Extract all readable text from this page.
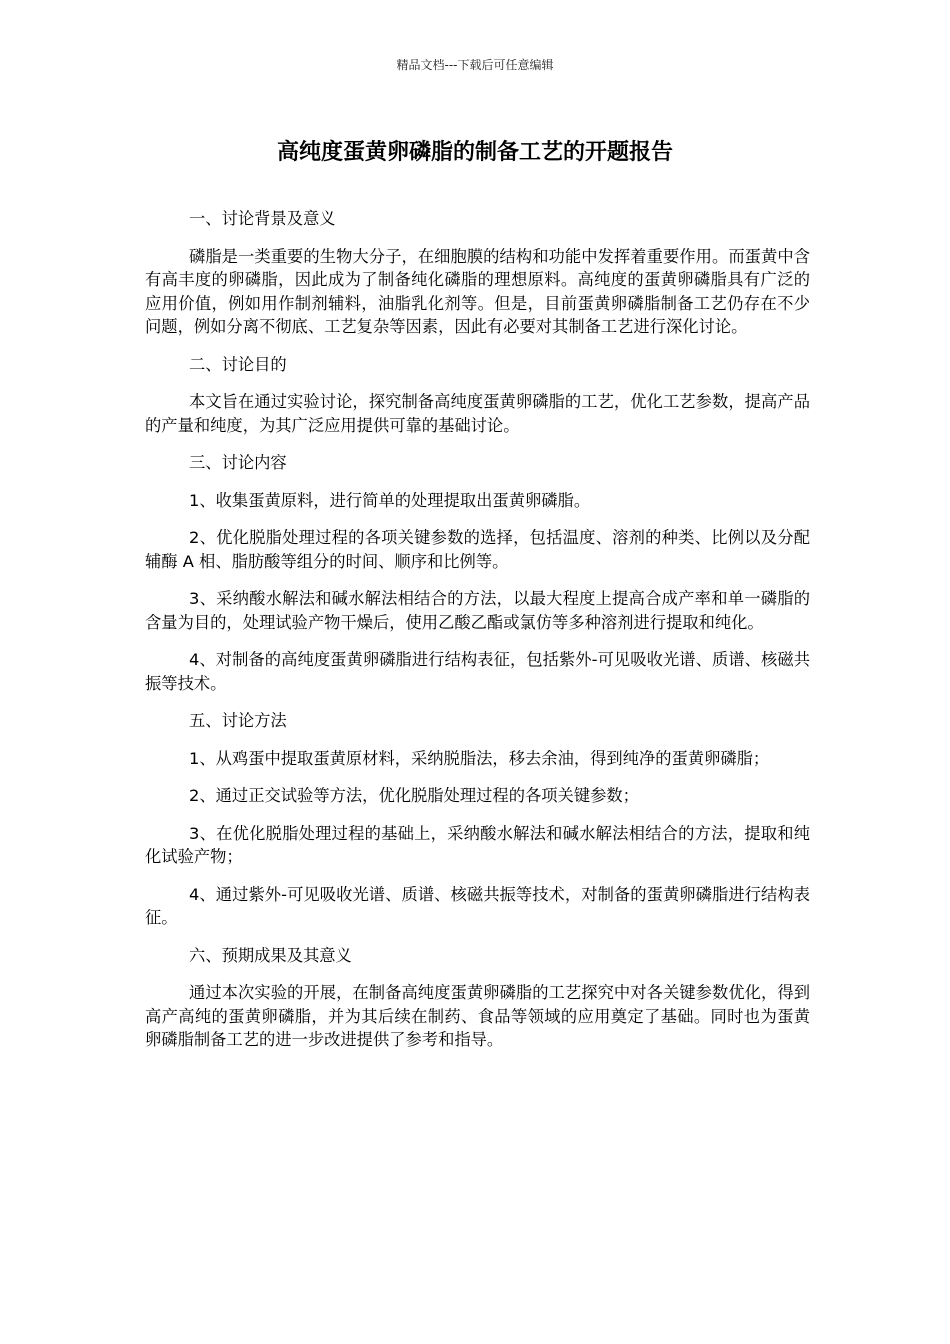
精品文档---下载后可任意编辑
高纯度蛋黄卵磷脂的制备工艺的开题报告

一、讨论背景及意义

磷脂是一类重要的生物大分子，在细胞膜的结构和功能中发挥着重要作用。而蛋黄中含有高丰度的卵磷脂，因此成为了制备纯化磷脂的理想原料。高纯度的蛋黄卵磷脂具有广泛的应用价值，例如用作制剂辅料，油脂乳化剂等。但是，目前蛋黄卵磷脂制备工艺仍存在不少问题，例如分离不彻底、工艺复杂等因素，因此有必要对其制备工艺进行深化讨论。

二、讨论目的

本文旨在通过实验讨论，探究制备高纯度蛋黄卵磷脂的工艺，优化工艺参数，提高产品的产量和纯度，为其广泛应用提供可靠的基础讨论。

三、讨论内容

1、收集蛋黄原料，进行简单的处理提取出蛋黄卵磷脂。

2、优化脱脂处理过程的各项关键参数的选择，包括温度、溶剂的种类、比例以及分配辅酶 A 相、脂肪酸等组分的时间、顺序和比例等。

3、采纳酸水解法和碱水解法相结合的方法，以最大程度上提高合成产率和单一磷脂的含量为目的，处理试验产物干燥后，使用乙酸乙酯或氯仿等多种溶剂进行提取和纯化。

4、对制备的高纯度蛋黄卵磷脂进行结构表征，包括紫外-可见吸收光谱、质谱、核磁共振等技术。

五、讨论方法

1、从鸡蛋中提取蛋黄原材料，采纳脱脂法，移去余油，得到纯净的蛋黄卵磷脂；

2、通过正交试验等方法，优化脱脂处理过程的各项关键参数；

3、在优化脱脂处理过程的基础上，采纳酸水解法和碱水解法相结合的方法，提取和纯化试验产物；

4、通过紫外-可见吸收光谱、质谱、核磁共振等技术，对制备的蛋黄卵磷脂进行结构表征。

六、预期成果及其意义

通过本次实验的开展，在制备高纯度蛋黄卵磷脂的工艺探究中对各关键参数优化，得到高产高纯的蛋黄卵磷脂，并为其后续在制药、食品等领域的应用奠定了基础。同时也为蛋黄卵磷脂制备工艺的进一步改进提供了参考和指导。
